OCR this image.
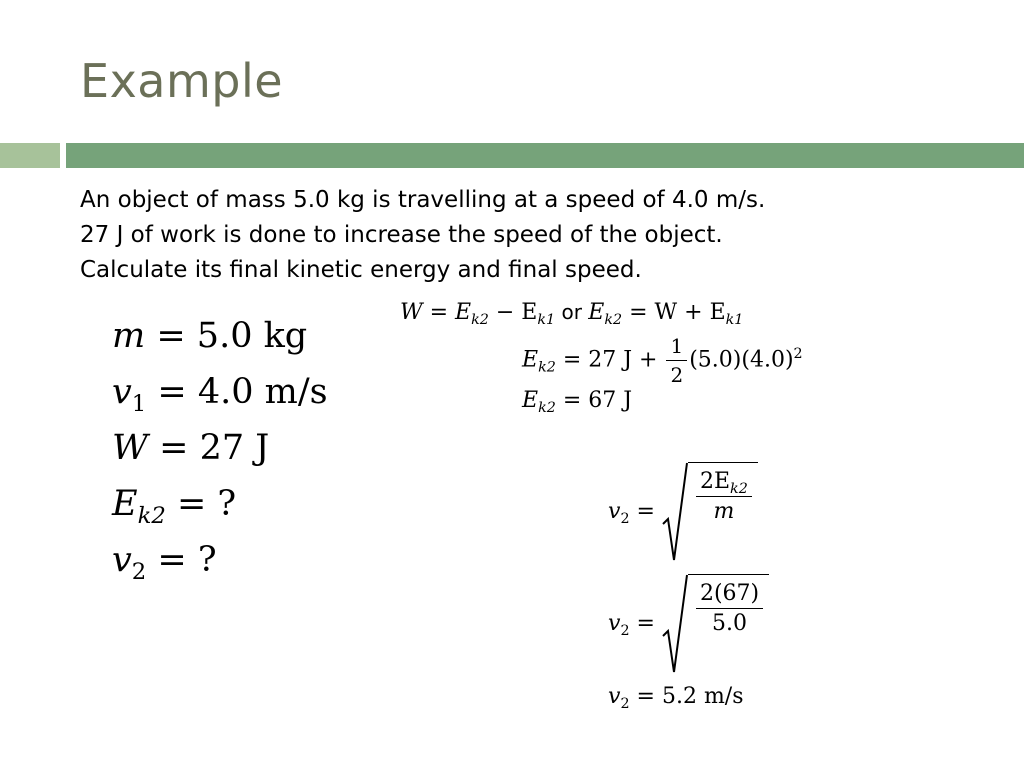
Example
An object of mass 5.0 kg is travelling at a speed of 4.0 m/s.
27 J of work is done to increase the speed of the object.
Calculate its final kinetic energy and final speed.
m = 5.0 kg
$v_1 = 4.0$ m/s
W = 27 J
$E_{k2}$ = ?
$v_2$ = ?
$W = E_{k2} - E_{k1}$ or $E_{k2} = W + E_{k1}$
$E_{k2} = 27$ $J + \frac{1}{2} (5.0)(4.0)^2$
$E_{k2} = 67$ J
$v_2 = \frac{2E_{k2}}{m}$
$v_2 = \frac{2(67)}{5.0}$
$v_2 = 5.2$ m/s
